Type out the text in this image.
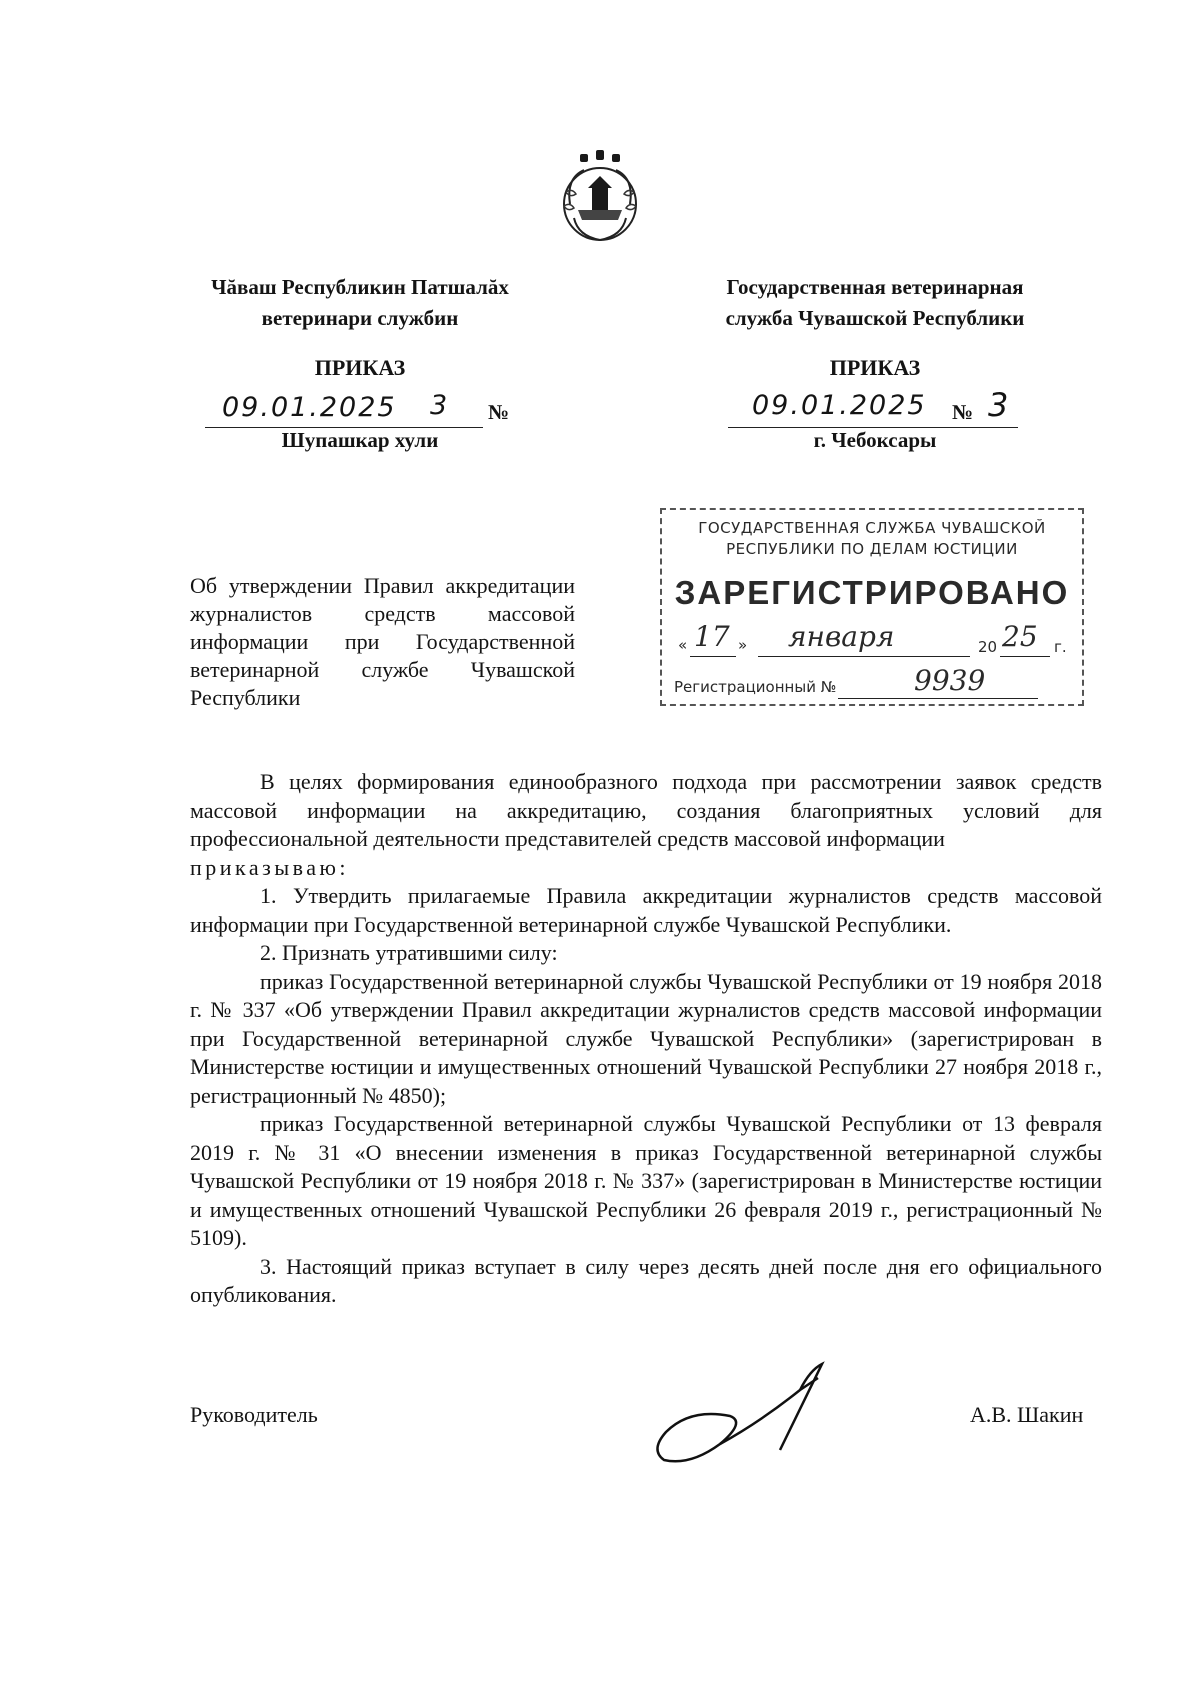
Чăваш Республикин Патшалăх
ветеринари службин
ПРИКАЗ
09.01.2025 3 №
Шупашкар хули
Государственная ветеринарная
служба Чувашской Республики
ПРИКАЗ
09.01.2025 № 3
г. Чебоксары
ГОСУДАРСТВЕННАЯ СЛУЖБА ЧУВАШСКОЙ
РЕСПУБЛИКИ ПО ДЕЛАМ ЮСТИЦИИ
ЗАРЕГИСТРИРОВАНО
« 17 » января	20 25 г.
Регистрационный №	9939
Об утверждении Правил аккредитации журналистов средств массовой информации при Государственной ветеринарной службе Чувашской Республики

В целях формирования единообразного подхода при рассмотрении заявок средств массовой информации на аккредитацию, создания благоприятных условий для профессиональной деятельности представителей средств массовой информации

приказываю:

1. Утвердить прилагаемые Правила аккредитации журналистов средств массовой информации при Государственной ветеринарной службе Чувашской Республики.

2. Признать утратившими силу:

приказ Государственной ветеринарной службы Чувашской Республики от 19 ноября 2018 г. № 337 «Об утверждении Правил аккредитации журналистов средств массовой информации при Государственной ветеринарной службе Чувашской Республики» (зарегистрирован в Министерстве юстиции и имущественных отношений Чувашской Республики 27 ноября 2018 г., регистрационный № 4850);

приказ Государственной ветеринарной службы Чувашской Республики от 13 февраля 2019 г. № 31 «О внесении изменения в приказ Государственной ветеринарной службы Чувашской Республики от 19 ноября 2018 г. № 337» (зарегистрирован в Министерстве юстиции и имущественных отношений Чувашской Республики 26 февраля 2019 г., регистрационный № 5109).

3. Настоящий приказ вступает в силу через десять дней после дня его официального опубликования.

Руководитель	А.В. Шакин
